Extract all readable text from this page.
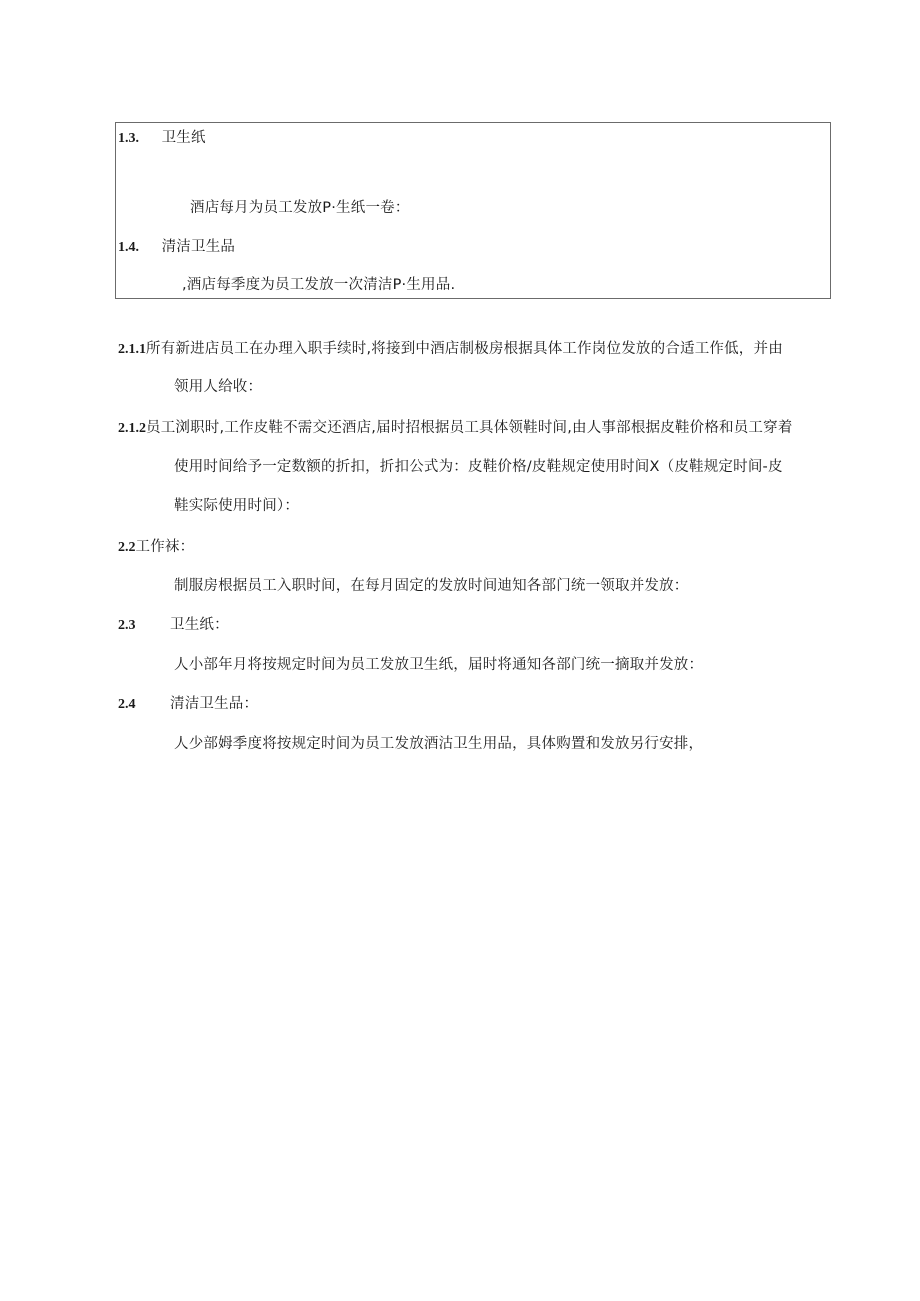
1.3. 卫生纸
酒店每月为员工发放P·生纸一卷：
1.4. 清洁卫生品
,酒店每季度为员工发放一次清洁P·生用品.
2.1.1所有新进店员工在办理入职手续时,将接到中酒店制极房根据具体工作岗位发放的合适工作低，并由
领用人给收：
2.1.2员工浏职时,工作皮鞋不需交还酒店,届时招根据员工具体领鞋时间,由人事部根据皮鞋价格和员工穿着
使用时间给予一定数额的折扣，折扣公式为：皮鞋价格/皮鞋规定使用时间X（皮鞋规定时间-皮
鞋实际使用时间）：
2.2工作袜：
制服房根据员工入职时间，在每月固定的发放时间迪知各部门统一领取并发放：
2.3 卫生纸：
人小部年月将按规定时间为员工发放卫生纸，届时将通知各部门统一摘取并发放：
2.4 清洁卫生品：
人少部姆季度将按规定时间为员工发放酒沽卫生用品，具体购置和发放另行安排，
